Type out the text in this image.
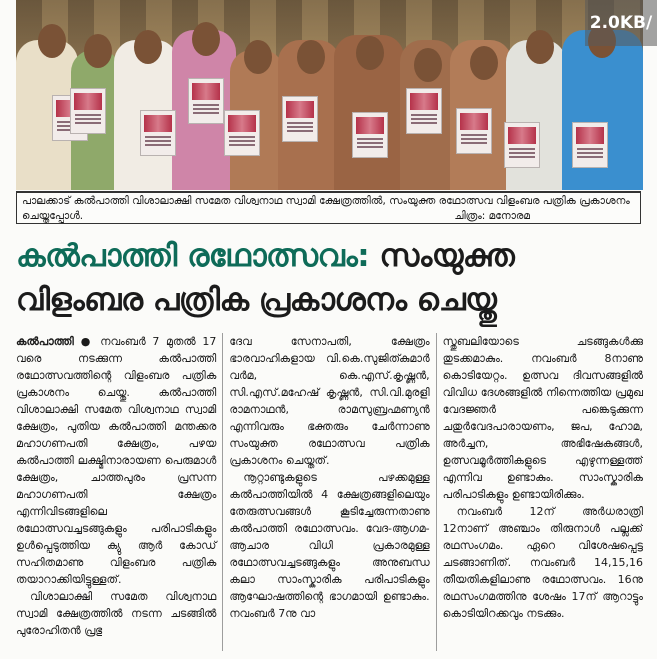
2.0KB/
പാലക്കാട് കൽപാത്തി വിശാലാക്ഷി സമേത വിശ്വനാഥ സ്വാമി ക്ഷേത്രത്തിൽ, സംയുക്ത രഥോത്സവ വിളംബര പത്രിക പ്രകാശനം ചെയ്തപ്പോൾ.	ചിത്രം: മനോരമ
കൽപാത്തി രഥോത്സവം: സംയുക്ത വിളംബര പത്രിക പ്രകാശനം ചെയ്തു

കൽപാത്തി ● നവംബർ 7 മുതൽ 17 വരെ നടക്കുന്ന കൽപാത്തി രഥോത്സവത്തിന്റെ വിളംബര പത്രിക പ്രകാശനം ചെയ്തു. കൽപാത്തി വിശാലാക്ഷി സമേത വിശ്വനാഥ സ്വാമി ക്ഷേത്രം, പുതിയ കൽപാത്തി മന്തക്കര മഹാഗണപതി ക്ഷേത്രം, പഴയ കൽപാത്തി ലക്ഷ്മിനാരായണ പെരുമാൾ ക്ഷേത്രം, ചാത്തപുരം പ്രസന്ന മഹാഗണപതി ക്ഷേത്രം എന്നിവിടങ്ങളിലെ രഥോത്സവച്ചടങ്ങുകളും പരിപാടികളും ഉൾപ്പെടുത്തിയ ക്യു ആർ കോഡ് സഹിതമാണു വിളംബര പത്രിക തയാറാക്കിയിട്ടുള്ളത്.

വിശാലാക്ഷി സമേത വിശ്വനാഥ സ്വാമി ക്ഷേത്രത്തിൽ നടന്ന ചടങ്ങിൽ പുരോഹിതൻ പ്രഭു

ദേവ സേനാപതി, ക്ഷേത്രം ഭാരവാഹികളായ വി.കെ.സുജിത്കുമാർ വർമ, കെ.എസ്.കൃഷ്ണൻ, സി.എസ്.മഹേഷ് കൃഷ്ണൻ, സി.വി.മുരളി രാമനാഥൻ, രാമസുബ്രഹ്മണ്യൻ എന്നിവരും ഭക്തരും ചേർന്നാണു സംയുക്ത രഥോത്സവ പത്രിക പ്രകാശനം ചെയ്തത്.

നൂറ്റാണ്ടുകളുടെ പഴക്കമുള്ള കൽപാത്തിയിൽ 4 ക്ഷേത്രങ്ങളിലെയും തേരുത്സവങ്ങൾ കൂടിച്ചേരുന്നതാണു കൽപാത്തി രഥോത്സവം. വേദ-ആഗമ-ആചാര വിധി പ്രകാരമുള്ള രഥോത്സവച്ചടങ്ങുകളും അനുബന്ധ കലാ സാംസ്കാരിക പരിപാടികളും ആഘോഷത്തിന്റെ ഭാഗമായി ഉണ്ടാകും. നവംബർ 7നു വാ

സ്തുബലിയോടെ ചടങ്ങുകൾക്കു തുടക്കമാകും. നവംബർ 8നാണു കൊടിയേറ്റം. ഉത്സവ ദിവസങ്ങളിൽ വിവിധ ദേശങ്ങളിൽ നിന്നെത്തിയ പ്രമുഖ വേദജ്ഞർ പങ്കെടുക്കുന്ന ചതുർവേദപാരായണം, ജപ, ഹോമ, അർച്ചന, അഭിഷേകങ്ങൾ, ഉത്സവമൂർത്തികളുടെ എഴുന്നള്ളത്ത് എന്നിവ ഉണ്ടാകും. സാംസ്കാരിക പരിപാടികളും ഉണ്ടായിരിക്കും.

നവംബർ 12ന് അർധരാത്രി 12നാണ് അഞ്ചാം തിരുനാൾ പല്ലക്ക് രഥസംഗമം. ഏറെ വിശേഷപ്പെട്ട ചടങ്ങാണിത്. നവംബർ 14,15,16 തീയതികളിലാണു രഥോത്സവം. 16നു രഥസംഗമത്തിനു ശേഷം 17ന് ആറാട്ടും കൊടിയിറക്കവും നടക്കും.
